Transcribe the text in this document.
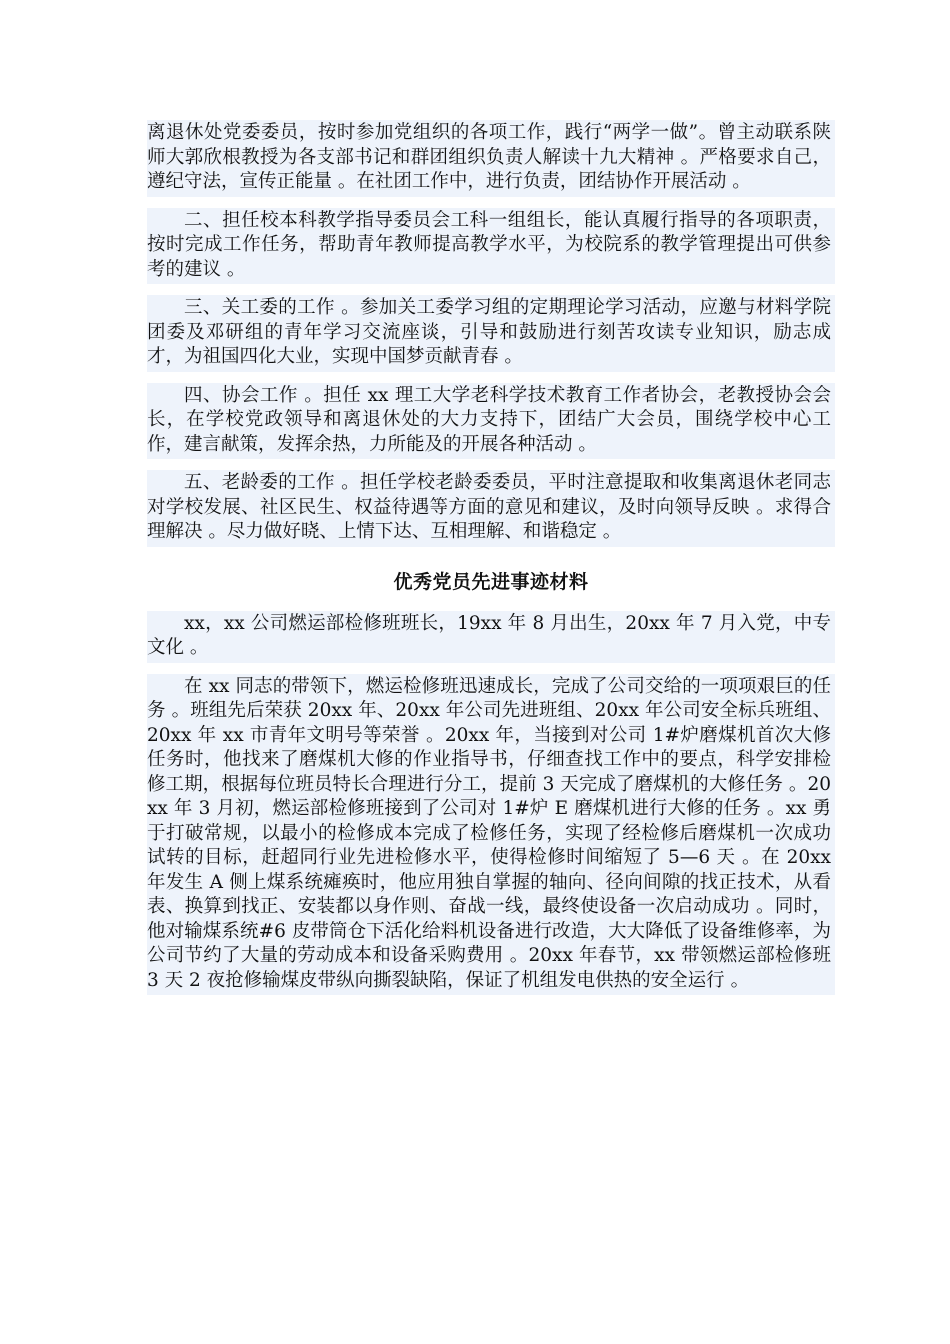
离退休处党委委员，按时参加党组织的各项工作，践行“两学一做”。曾主动联系陕师大郭欣根教授为各支部书记和群团组织负责人解读十九大精神 。严格要求自己，遵纪守法，宣传正能量 。在社团工作中，进行负责，团结协作开展活动 。

二、担任校本科教学指导委员会工科一组组长，能认真履行指导的各项职责，按时完成工作任务，帮助青年教师提高教学水平，为校院系的教学管理提出可供参考的建议 。

三、关工委的工作 。参加关工委学习组的定期理论学习活动，应邀与材料学院团委及邓研组的青年学习交流座谈，引导和鼓励进行刻苦攻读专业知识，励志成才，为祖国四化大业，实现中国梦贡献青春 。

四、协会工作 。担任 xx 理工大学老科学技术教育工作者协会，老教授协会会长，在学校党政领导和离退休处的大力支持下，团结广大会员，围绕学校中心工作，建言献策，发挥余热，力所能及的开展各种活动 。

五、老龄委的工作 。担任学校老龄委委员，平时注意提取和收集离退休老同志对学校发展、社区民生、权益待遇等方面的意见和建议，及时向领导反映 。求得合理解决 。尽力做好晓、上情下达、互相理解、和谐稳定 。

优秀党员先进事迹材料

xx，xx 公司燃运部检修班班长，19xx 年 8 月出生，20xx 年 7 月入党，中专文化 。

在 xx 同志的带领下，燃运检修班迅速成长，完成了公司交给的一项项艰巨的任务 。班组先后荣获 20xx 年、20xx 年公司先进班组、20xx 年公司安全标兵班组、20xx 年 xx 市青年文明号等荣誉 。20xx 年，当接到对公司 1#炉磨煤机首次大修任务时，他找来了磨煤机大修的作业指导书，仔细查找工作中的要点，科学安排检修工期，根据每位班员特长合理进行分工，提前 3 天完成了磨煤机的大修任务 。20xx 年 3 月初，燃运部检修班接到了公司对 1#炉 E 磨煤机进行大修的任务 。xx 勇于打破常规，以最小的检修成本完成了检修任务，实现了经检修后磨煤机一次成功试转的目标，赶超同行业先进检修水平，使得检修时间缩短了 5—6 天 。在 20xx 年发生 A 侧上煤系统瘫痪时，他应用独自掌握的轴向、径向间隙的找正技术，从看表、换算到找正、安装都以身作则、奋战一线，最终使设备一次启动成功 。同时，他对输煤系统#6 皮带筒仓下活化给料机设备进行改造，大大降低了设备维修率，为公司节约了大量的劳动成本和设备采购费用 。20xx 年春节，xx 带领燃运部检修班 3 天 2 夜抢修输煤皮带纵向撕裂缺陷，保证了机组发电供热的安全运行 。
